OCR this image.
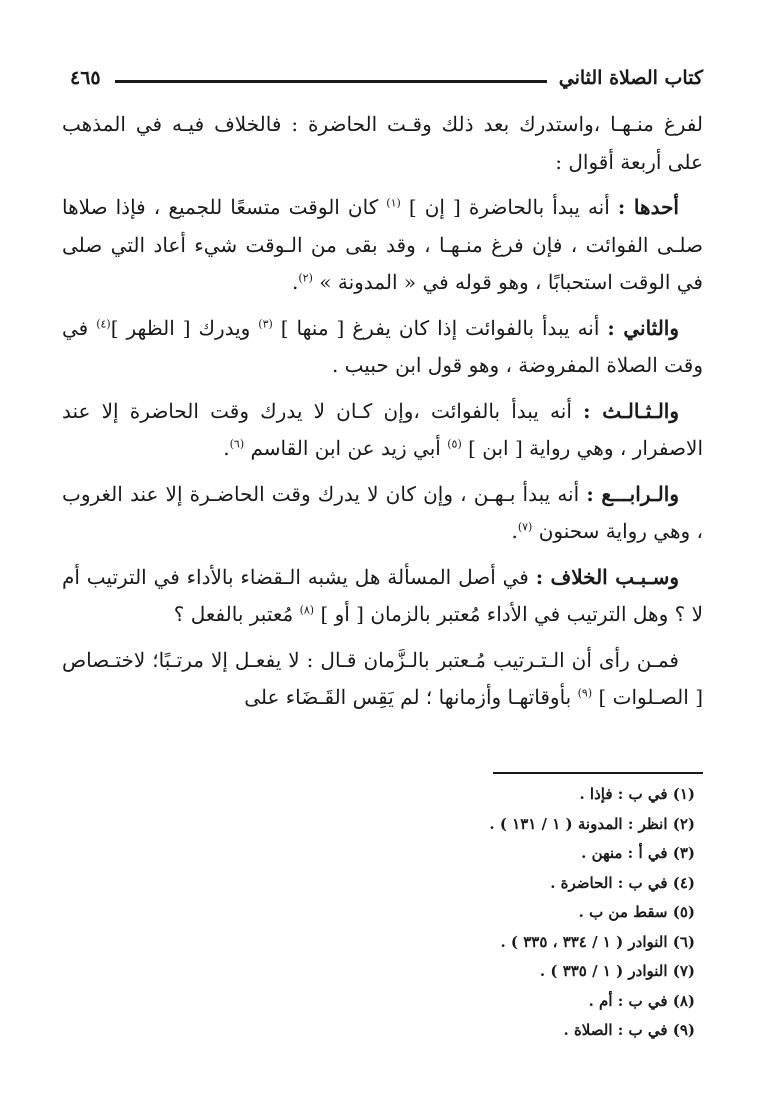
كتاب الصلاة الثاني
٤٦٥

لفرغ منـهـا ،واستدرك بعد ذلك وقـت الحاضرة : فالخلاف فيـه في المذهب على أربعة أقوال :

أحدها : أنه يبدأ بالحاضرة [ إن ] $^{(١)}$ كان الوقت متسعًا للجميع ، فإذا صلاها صلـى الفوائت ، فإن فرغ منـهـا ، وقد بقى من الـوقت شيء أعاد التي صلى في الوقت استحبابًا ، وهو قوله في « المدونة » $^{(٢)}$.

والثاني : أنه يبدأ بالفوائت إذا كان يفرغ [ منها ] $^{(٣)}$ ويدرك [ الظهر ]$^{(٤)}$ في وقت الصلاة المفروضة ، وهو قول ابن حبيب .

والـثـالـث : أنه يبدأ بالفوائت ،وإن كـان لا يدرك وقت الحاضرة إلا عند الاصفرار ، وهي رواية [ ابن ] $^{(٥)}$ أبي زيد عن ابن القاسم $^{(٦)}$.

والـرابـــع : أنه يبدأ بـهـن ، وإن كان لا يدرك وقت الحاضـرة إلا عند الغروب ، وهي رواية سحنون $^{(٧)}$.

وسـبـب الخلاف : في أصل المسألة هل يشبه الـقضاء بالأداء في الترتيب أم لا ؟ وهل الترتيب في الأداء مُعتبر بالزمان [ أو ] $^{(٨)}$ مُعتبر بالفعل ؟

فمـن رأى أن الـتـرتيب مُـعتبر بالـزَّمان قـال : لا يفعـل إلا مرتـبًا؛ لاختـصاص [ الصـلوات ] $^{(٩)}$ بأوقاتهـا وأزمانها ؛ لم يَقِس القَـضَاء على

(١) في ب : فإذا .
(٢) انظر : المدونة ( ١ / ١٣١ ) .
(٣) في أ : منهن .
(٤) في ب : الحاضرة .
(٥) سقط من ب .
(٦) النوادر ( ١ / ٣٣٤ ، ٣٣٥ ) .
(٧) النوادر ( ١ / ٣٣٥ ) .
(٨) في ب : أم .
(٩) في ب : الصلاة .
